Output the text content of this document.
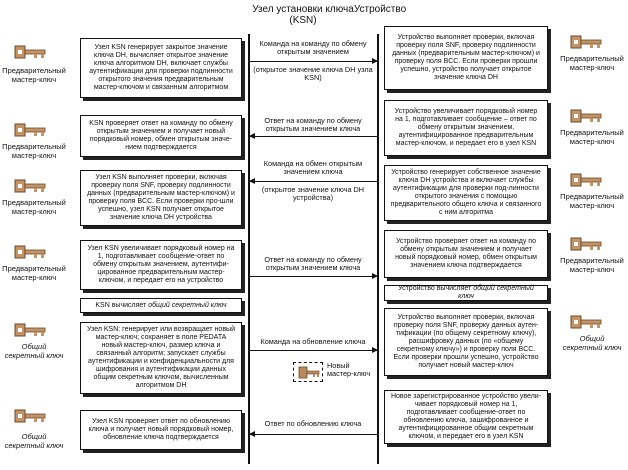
Узел установки ключа (KSN)
Устройство
Узел KSN генерирует закрытое значение ключа DH, вычисляет открытое значение ключа алгоритмом DH, включает службы аутентификации для проверки подлинности открытого значения предварительным мастер-ключом и связанным алгоритмом
KSN проверяет ответ на команду по обмену открытым значением и получает новый порядковый номер, обмен открытым значе-нием подтверждается
Узел KSN выполняет проверки, включая проверку поля SNF, проверку подлинности данных (предварительным мастер-ключом) и проверку поля BCC. Если проверки про-шли успешно, узел KSN получает открытое значение ключа DH устройства
Узел KSN увеличивает порядковый номер на 1, подготавливает сообщение-ответ по обмену открытым значением, аутентифи-цированное предварительным мастер-ключом, и передает его на устройство
KSN вычисляет общий секретный ключ
Узел KSN: генерирует или возвращает новый мастер-ключ; сохраняет в поле PEDATA новый мастер-ключ, размер ключа и связанный алгоритм; запускает службы аутентификации и конфиденциальности для шифрования и аутентификации данных общим секретным ключом, вычисленным алгоритмом DH
Узел KSN проверяет ответ по обновлению ключа и получает новый порядковый номер, обновление ключа подтверждается
Устройство выполняет проверки, включая проверку поля SNF, проверку подлинности данных (предварительным мастер-ключом) и проверку поля BCC. Если проверки прошли успешно, устройство получает открытое значение ключа DH
Устройство увеличивает порядковый номер на 1, подготавливает сообщение – ответ по обмену открытым значением, аутентифицированное предварительным мастер-ключом, и передает его в узел KSN
Устройство генерирует собственное значение ключа DH устройства и включает службы аутентификации для проверки под-линности открытого значения с помощью предварительного общего ключа и связанного с ним алгоритма
Устройство проверяет ответ на команду по обмену открытым значением и получает новый порядковый номер, обмен открытым значением ключа подтверждается
Устройство вычисляет общий секретный ключ
Устройство выполняет проверки, включая проверку поля SNF, проверку данных аутен-тификации (по общему секретному ключу), расшифровку данных (по «общему секретному ключу») и проверку поля BCC. Если проверки прошли успешно, устройство получает новый мастер-ключ
Новое зарегистрированное устройство увели-чивает порядковый номер на 1, подготавливает сообщение-ответ по обновлению ключа, зашифрованное и аутентифицированное общим секретным ключом, и передает его в узел KSN
Команда на команду по обмену открытым значением
(открытое значение ключа DH узла KSN)
Ответ на команду по обмену открытым значением ключа
Команда на обмен открытым значением ключа
(открытое значение ключа DH устройства)
Ответ на команду по обмену открытым значением ключа
Команда на обновление ключа
Новый мастер-ключ
Ответ по обновлению ключа
Предварительный мастер-ключ
Предварительный мастер-ключ
Предварительный мастер-ключ
Предварительный мастер-ключ
Общий секретный ключ
Общий секретный ключ
Предварительный мастер-ключ
Предварительный мастер-ключ
Предварительный мастер-ключ
Предварительный мастер-ключ
Общий секретный ключ
